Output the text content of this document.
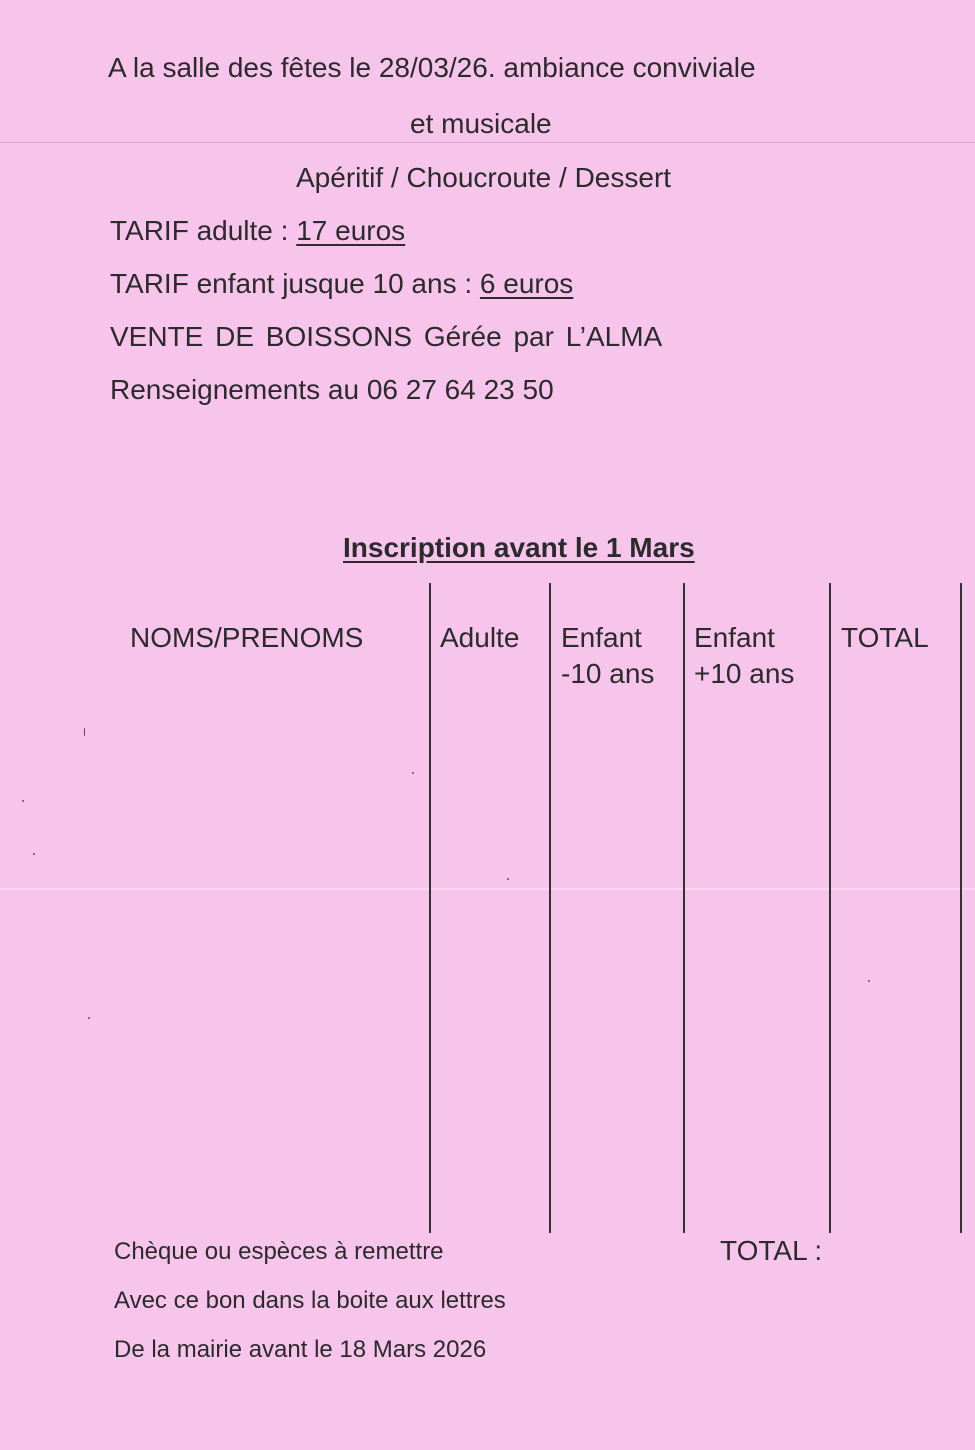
A la salle des fêtes le 28/03/26. ambiance conviviale
et musicale
Apéritif / Choucroute / Dessert
TARIF adulte : 17 euros
TARIF enfant jusque 10 ans : 6 euros
VENTE DE BOISSONS Gérée par L’ALMA
Renseignements au 06 27 64 23 50
Inscription avant le 1 Mars
NOMS/PRENOMS	Adulte Enfant
-10 ans
Enfant
+10 ans
TOTAL
Chèque ou espèces à remettre
Avec ce bon dans la boite aux lettres
De la mairie avant le 18 Mars 2026
TOTAL :
